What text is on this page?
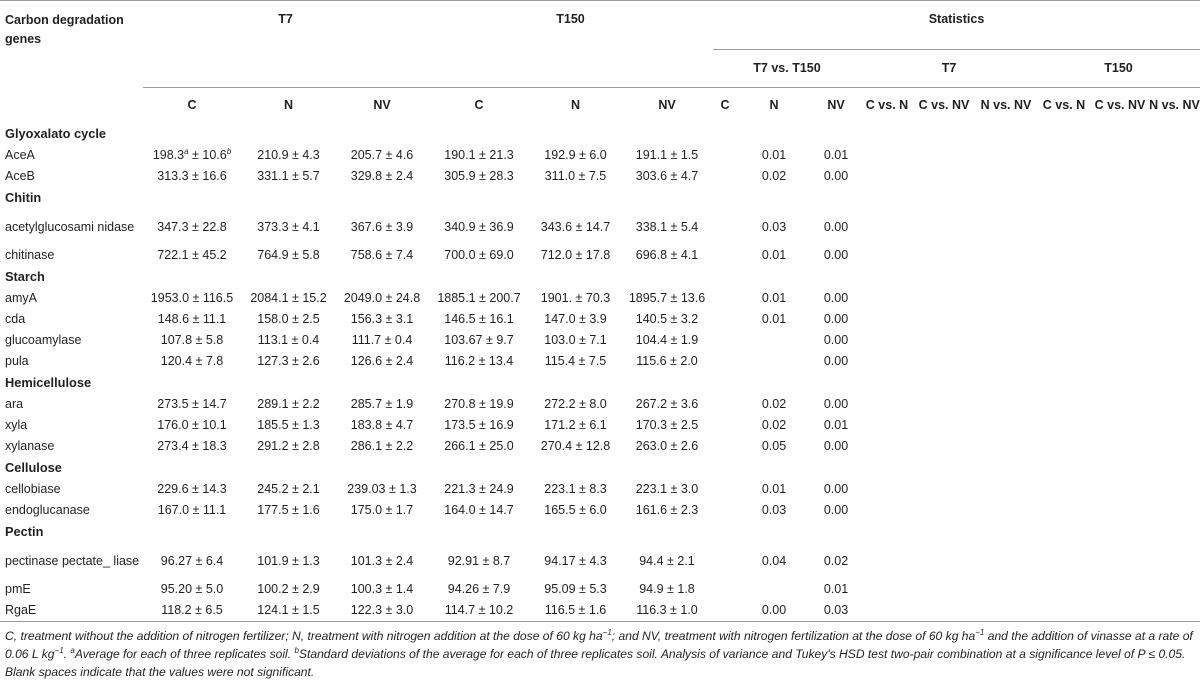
Carbon degradation genes	T7			T150			Statistics								
							T7 vs. T150			T7			T150		
	C	N	NV	C	N	NV	C	N	NV	C vs. N	C vs. NV	N vs. NV	C vs. N	C vs. NV	N vs. NV
Glyoxalato cycle															
AceA	198.3$^a$ ± 10.6$^b$	210.9 ± 4.3	205.7 ± 4.6	190.1 ± 21.3	192.9 ± 6.0	191.1 ± 1.5		0.01	0.01						
AceB	313.3 ± 16.6	331.1 ± 5.7	329.8 ± 2.4	305.9 ± 28.3	311.0 ± 7.5	303.6 ± 4.7		0.02	0.00						
Chitin															
acetylglucosami nidase	347.3 ± 22.8	373.3 ± 4.1	367.6 ± 3.9	340.9 ± 36.9	343.6 ± 14.7	338.1 ± 5.4		0.03	0.00						
chitinase	722.1 ± 45.2	764.9 ± 5.8	758.6 ± 7.4	700.0 ± 69.0	712.0 ± 17.8	696.8 ± 4.1		0.01	0.00						
Starch															
amyA	1953.0 ± 116.5	2084.1 ± 15.2	2049.0 ± 24.8	1885.1 ± 200.7	1901. ± 70.3	1895.7 ± 13.6		0.01	0.00						
cda	148.6 ± 11.1	158.0 ± 2.5	156.3 ± 3.1	146.5 ± 16.1	147.0 ± 3.9	140.5 ± 3.2		0.01	0.00						
glucoamylase	107.8 ± 5.8	113.1 ± 0.4	111.7 ± 0.4	103.67 ± 9.7	103.0 ± 7.1	104.4 ± 1.9			0.00						
pula	120.4 ± 7.8	127.3 ± 2.6	126.6 ± 2.4	116.2 ± 13.4	115.4 ± 7.5	115.6 ± 2.0			0.00						
Hemicellulose															
ara	273.5 ± 14.7	289.1 ± 2.2	285.7 ± 1.9	270.8 ± 19.9	272.2 ± 8.0	267.2 ± 3.6		0.02	0.00						
xyla	176.0 ± 10.1	185.5 ± 1.3	183.8 ± 4.7	173.5 ± 16.9	171.2 ± 6.1	170.3 ± 2.5		0.02	0.01						
xylanase	273.4 ± 18.3	291.2 ± 2.8	286.1 ± 2.2	266.1 ± 25.0	270.4 ± 12.8	263.0 ± 2.6		0.05	0.00						
Cellulose															
cellobiase	229.6 ± 14.3	245.2 ± 2.1	239.03 ± 1.3	221.3 ± 24.9	223.1 ± 8.3	223.1 ± 3.0		0.01	0.00						
endoglucanase	167.0 ± 11.1	177.5 ± 1.6	175.0 ± 1.7	164.0 ± 14.7	165.5 ± 6.0	161.6 ± 2.3		0.03	0.00						
Pectin															
pectinase pectate_ liase	96.27 ± 6.4	101.9 ± 1.3	101.3 ± 2.4	92.91 ± 8.7	94.17 ± 4.3	94.4 ± 2.1		0.04	0.02						
pmE	95.20 ± 5.0	100.2 ± 2.9	100.3 ± 1.4	94.26 ± 7.9	95.09 ± 5.3	94.9 ± 1.8			0.01						
RgaE	118.2 ± 6.5	124.1 ± 1.5	122.3 ± 3.0	114.7 ± 10.2	116.5 ± 1.6	116.3 ± 1.0		0.00	0.03						

C, treatment without the addition of nitrogen fertilizer; N, treatment with nitrogen addition at the dose of 60 kg $ha^{-1}$; and NV, treatment with nitrogen fertilization at the dose of 60 kg $ha^{-1}$ and the addition of vinasse at a rate of 0.06 L $kg^{-1}$. $^a$Average for each of three replicates soil. $^b$Standard deviations of the average for each of three replicates soil. Analysis of variance and Tukey's HSD test two-pair combination at a significance level of P ≤ 0.05. Blank spaces indicate that the values were not significant.
